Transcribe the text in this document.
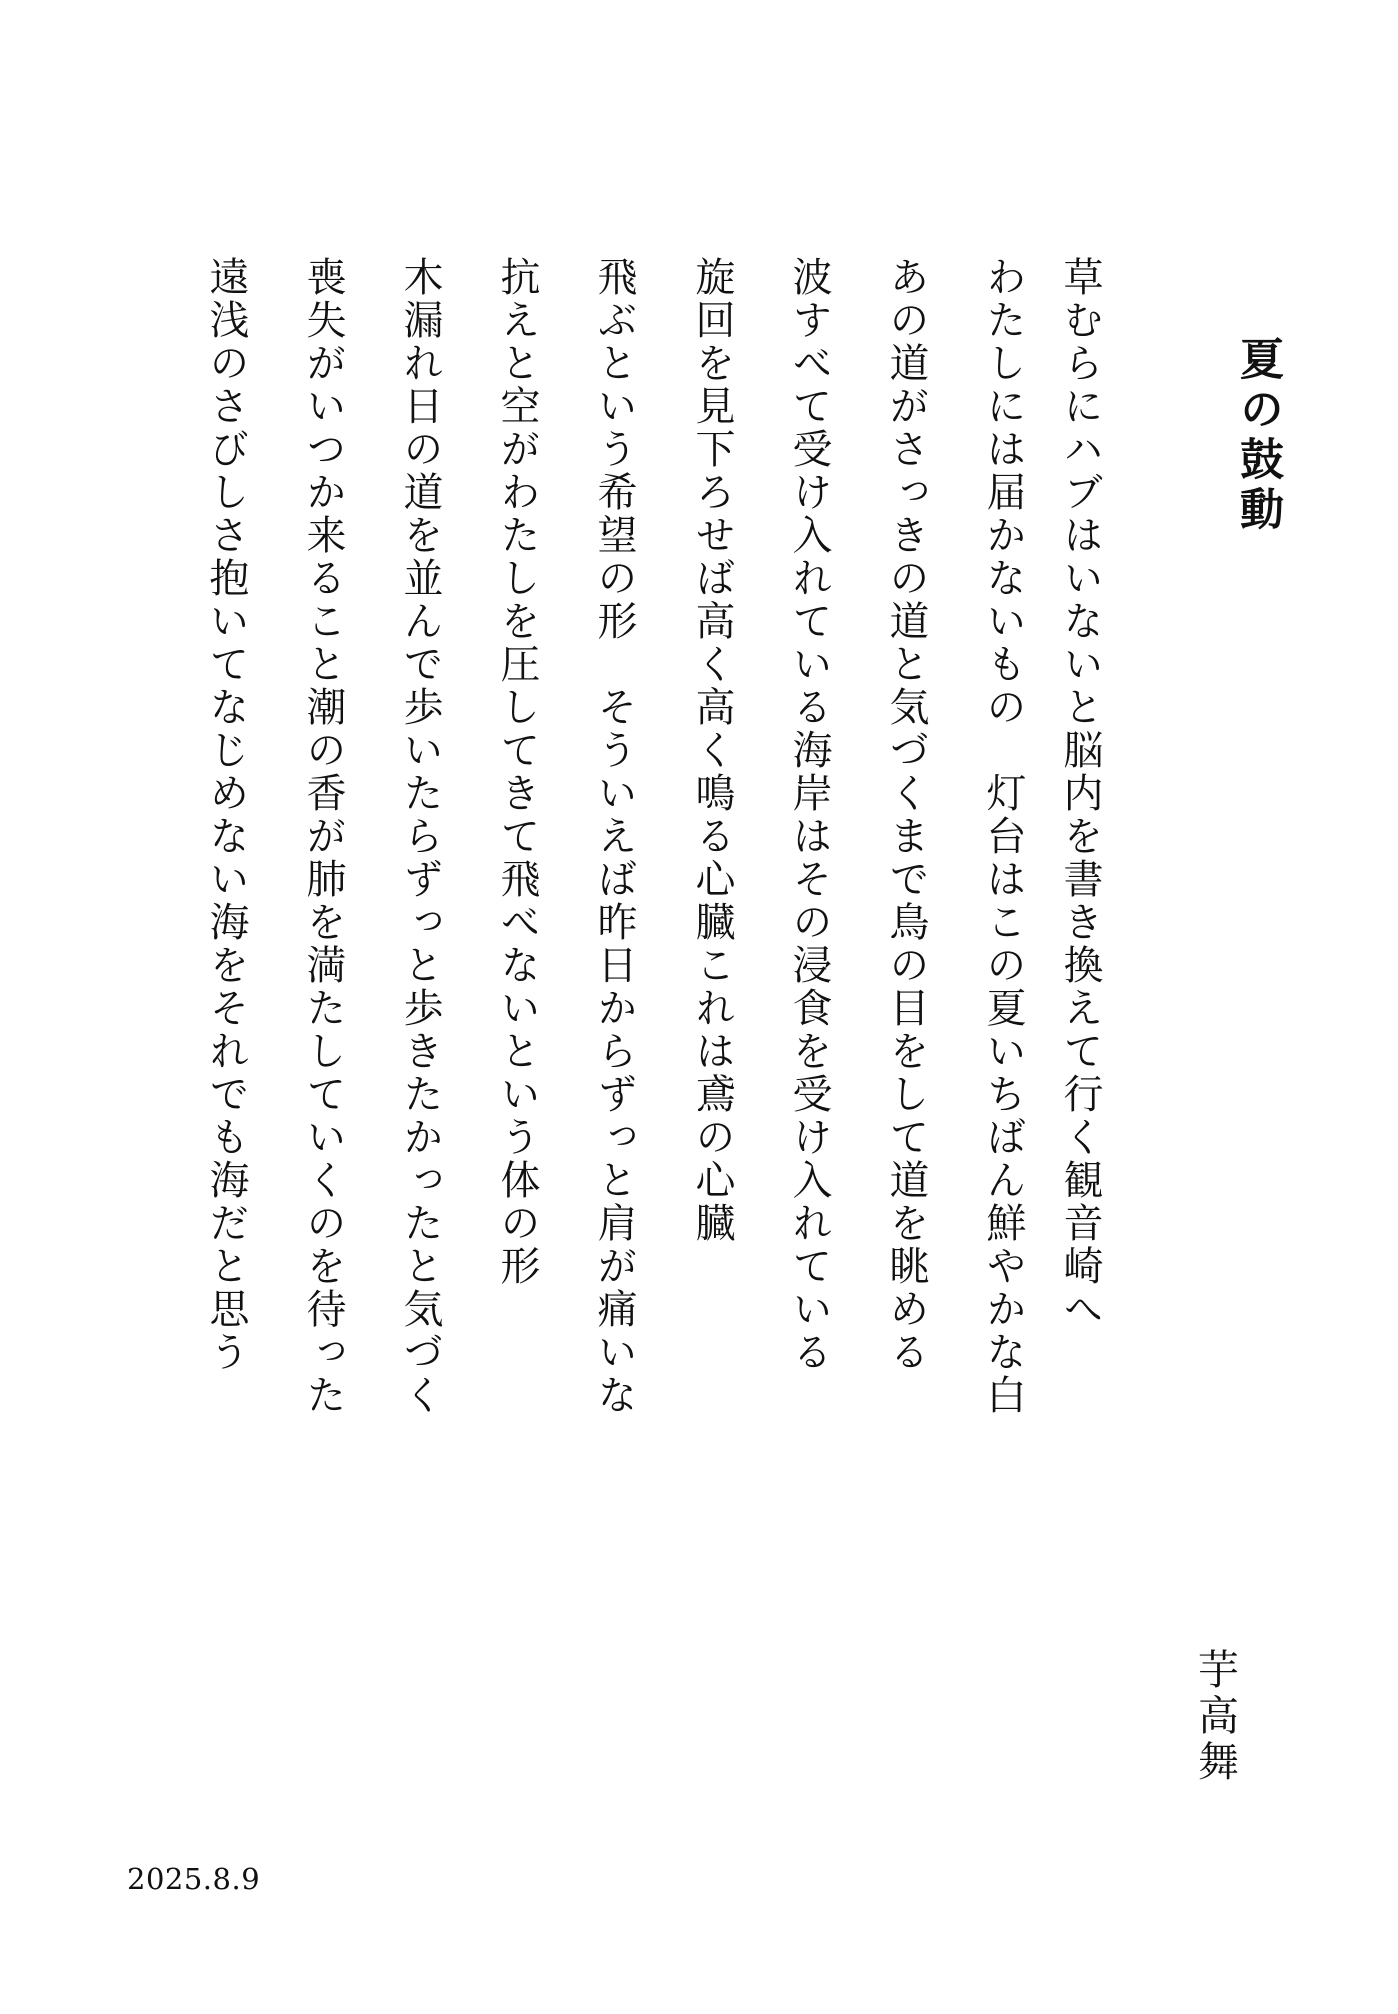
夏の鼓動
草むらにハブはいないと脳内を書き換えて行く観音崎へ
わたしには届かないもの　灯台はこの夏いちばん鮮やかな白
あの道がさっきの道と気づくまで鳥の目をして道を眺める
波すべて受け入れている海岸はその浸食を受け入れている
旋回を見下ろせば高く高く鳴る心臓これは鳶の心臓
飛ぶという希望の形　そういえば昨日からずっと肩が痛いな
抗えと空がわたしを圧してきて飛べないという体の形
木漏れ日の道を並んで歩いたらずっと歩きたかったと気づく
喪失がいつか来ること潮の香が肺を満たしていくのを待った
遠浅のさびしさ抱いてなじめない海をそれでも海だと思う
芋高舞
2025.8.9
